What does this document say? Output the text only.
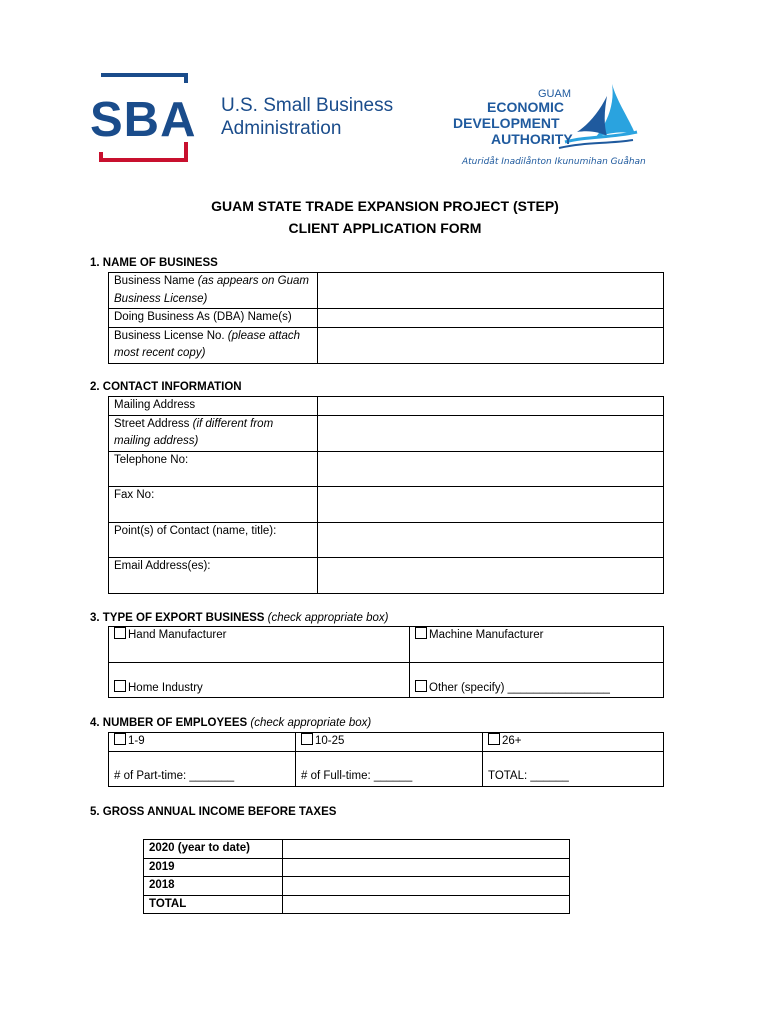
SBA U.S. Small Business
Administration
GUAM
ECONOMIC
DEVELOPMENT
AUTHORITY
Aturidåt Inadilånton Ikunumihan Guåhan
GUAM STATE TRADE EXPANSION PROJECT (STEP)
CLIENT APPLICATION FORM
1. NAME OF BUSINESS
Business Name (as appears on Guam Business License)	
Doing Business As (DBA) Name(s)	
Business License No. (please attach most recent copy)	
2. CONTACT INFORMATION
Mailing Address	
Street Address (if different from mailing address)	
Telephone No:	
Fax No:	
Point(s) of Contact (name, title):	
Email Address(es):	
3. TYPE OF EXPORT BUSINESS (check appropriate box)
Hand Manufacturer	Machine Manufacturer
Home Industry	Other (specify) ________________
4. NUMBER OF EMPLOYEES (check appropriate box)
1-9	10-25	26+
# of Part-time: _______	# of Full-time: ______	TOTAL: ______
5. GROSS ANNUAL INCOME BEFORE TAXES
2020 (year to date)	
2019	
2018	
TOTAL	
